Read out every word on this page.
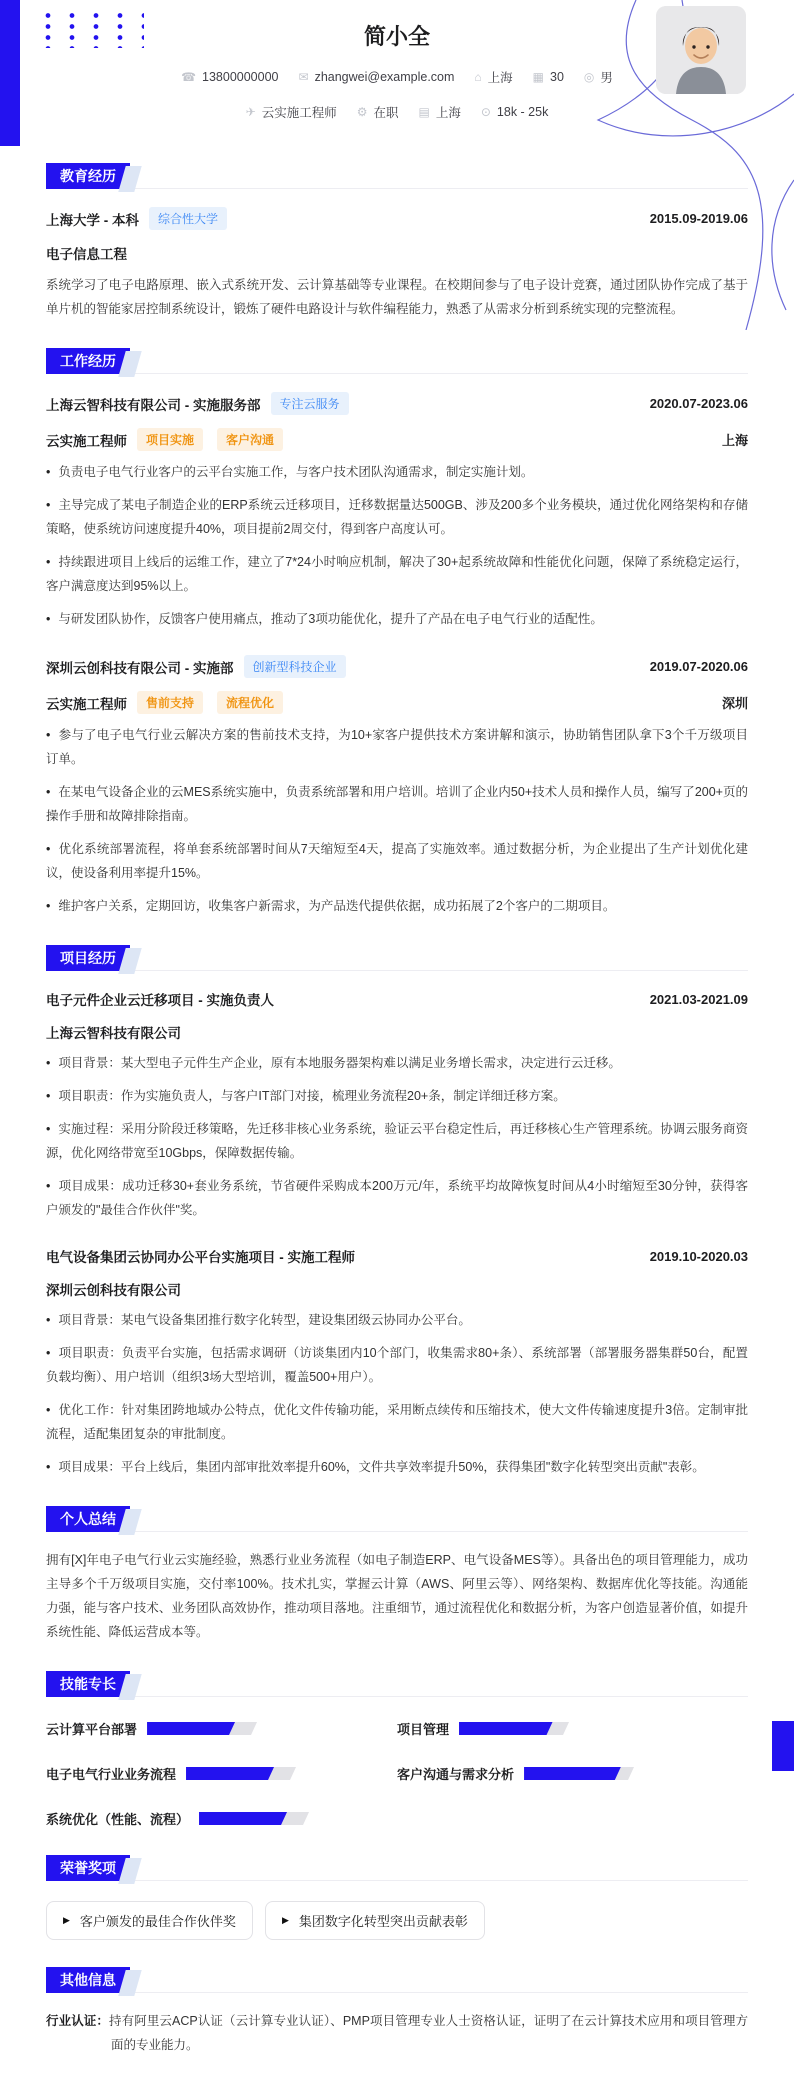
简小全
☎ 13800000000 ✉ zhangwei@example.com ⌂ 上海 ▦ 30 ◎ 男
✈ 云实施工程师 ⚙ 在职 ▤ 上海 ⊙ 18k - 25k
教育经历
上海大学 - 本科	综合性大学	2015.09-2019.06
电子信息工程

系统学习了电子电路原理、嵌入式系统开发、云计算基础等专业课程。在校期间参与了电子设计竞赛，通过团队协作完成了基于单片机的智能家居控制系统设计，锻炼了硬件电路设计与软件编程能力，熟悉了从需求分析到系统实现的完整流程。

工作经历
上海云智科技有限公司 - 实施服务部	专注云服务	2020.07-2023.06
云实施工程师	项目实施	客户沟通	上海

• 负责电子电气行业客户的云平台实施工作，与客户技术团队沟通需求，制定实施计划。

• 主导完成了某电子制造企业的ERP系统云迁移项目，迁移数据量达500GB、涉及200多个业务模块，通过优化网络架构和存储策略，使系统访问速度提升40%，项目提前2周交付，得到客户高度认可。

• 持续跟进项目上线后的运维工作，建立了7*24小时响应机制，解决了30+起系统故障和性能优化问题，保障了系统稳定运行，客户满意度达到95%以上。

• 与研发团队协作，反馈客户使用痛点，推动了3项功能优化，提升了产品在电子电气行业的适配性。

深圳云创科技有限公司 - 实施部	创新型科技企业	2019.07-2020.06
云实施工程师	售前支持	流程优化	深圳

• 参与了电子电气行业云解决方案的售前技术支持，为10+家客户提供技术方案讲解和演示，协助销售团队拿下3个千万级项目订单。

• 在某电气设备企业的云MES系统实施中，负责系统部署和用户培训。培训了企业内50+技术人员和操作人员，编写了200+页的操作手册和故障排除指南。

• 优化系统部署流程，将单套系统部署时间从7天缩短至4天，提高了实施效率。通过数据分析，为企业提出了生产计划优化建议，使设备利用率提升15%。

• 维护客户关系，定期回访，收集客户新需求，为产品迭代提供依据，成功拓展了2个客户的二期项目。

项目经历
电子元件企业云迁移项目 - 实施负责人	2021.03-2021.09
上海云智科技有限公司

• 项目背景：某大型电子元件生产企业，原有本地服务器架构难以满足业务增长需求，决定进行云迁移。

• 项目职责：作为实施负责人，与客户IT部门对接，梳理业务流程20+条，制定详细迁移方案。

• 实施过程：采用分阶段迁移策略，先迁移非核心业务系统，验证云平台稳定性后，再迁移核心生产管理系统。协调云服务商资源，优化网络带宽至10Gbps，保障数据传输。

• 项目成果：成功迁移30+套业务系统，节省硬件采购成本200万元/年，系统平均故障恢复时间从4小时缩短至30分钟，获得客户颁发的"最佳合作伙伴"奖。

电气设备集团云协同办公平台实施项目 - 实施工程师	2019.10-2020.03
深圳云创科技有限公司

• 项目背景：某电气设备集团推行数字化转型，建设集团级云协同办公平台。

• 项目职责：负责平台实施，包括需求调研（访谈集团内10个部门，收集需求80+条）、系统部署（部署服务器集群50台，配置负载均衡）、用户培训（组织3场大型培训，覆盖500+用户）。

• 优化工作：针对集团跨地域办公特点，优化文件传输功能，采用断点续传和压缩技术，使大文件传输速度提升3倍。定制审批流程，适配集团复杂的审批制度。

• 项目成果：平台上线后，集团内部审批效率提升60%，文件共享效率提升50%，获得集团"数字化转型突出贡献"表彰。

个人总结

拥有[X]年电子电气行业云实施经验，熟悉行业业务流程（如电子制造ERP、电气设备MES等）。具备出色的项目管理能力，成功主导多个千万级项目实施，交付率100%。技术扎实，掌握云计算（AWS、阿里云等）、网络架构、数据库优化等技能。沟通能力强，能与客户技术、业务团队高效协作，推动项目落地。注重细节，通过流程优化和数据分析，为客户创造显著价值，如提升系统性能、降低运营成本等。

技能专长
云计算平台部署	项目管理
电子电气行业业务流程	客户沟通与需求分析
系统优化（性能、流程）
荣誉奖项
▶ 客户颁发的最佳合作伙伴奖	▶ 集团数字化转型突出贡献表彰
其他信息

行业认证：持有阿里云ACP认证（云计算专业认证）、PMP项目管理专业人士资格认证，证明了在云计算技术应用和项目管理方面的专业能力。
